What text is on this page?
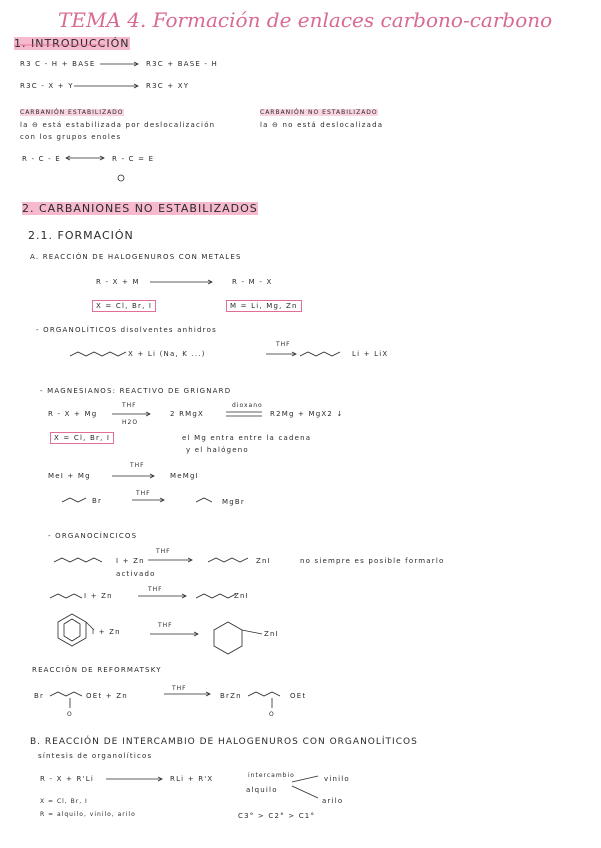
TEMA 4. Formación de enlaces carbono-carbono
1. INTRODUCCIÓN
R3 C - H + BASE	R3C + BASE - H
R3C - X + Y	R3C + XY
CARBANIÓN ESTABILIZADO
la ⊖ está estabilizada por deslocalización
con los grupos enoles
CARBANIÓN NO ESTABILIZADO
la ⊖ no está deslocalizada
R - C - E	R - C = E
2. CARBANIONES NO ESTABILIZADOS
2.1. FORMACIÓN
A. REACCIÓN DE HALOGENUROS CON METALES
R - X + M	R - M - X
X = Cl, Br, I	M = Li, Mg, Zn
- ORGANOLÍTICOS disolventes anhidros
X + Li (Na, K ...)
THF
Li + LiX
- MAGNESIANOS: REACTIVO DE GRIGNARD
R - X + Mg
THF
H2O
2 RMgX
dioxano
R2Mg + MgX2 ↓
X = Cl, Br, I	el Mg entra entre la cadena
y el halógeno
MeI + Mg
THF
MeMgI
Br
THF
MgBr
- ORGANOCÍNCICOS
I + Zn
THF
activado
ZnI	no siempre es posible formarlo
I + Zn
THF
ZnI
I + Zn
THF
ZnI
REACCIÓN DE REFORMATSKY
Br	OEt + Zn
THF
BrZn	OEt
B. REACCIÓN DE INTERCAMBIO DE HALOGENUROS CON ORGANOLÍTICOS
síntesis de organolíticos
R - X + R'Li	RLi + R'X	intercambio
alquilo
vinilo
arilo
X = Cl, Br, I
R = alquilo, vinilo, arilo	C3° > C2° > C1°
O	O
